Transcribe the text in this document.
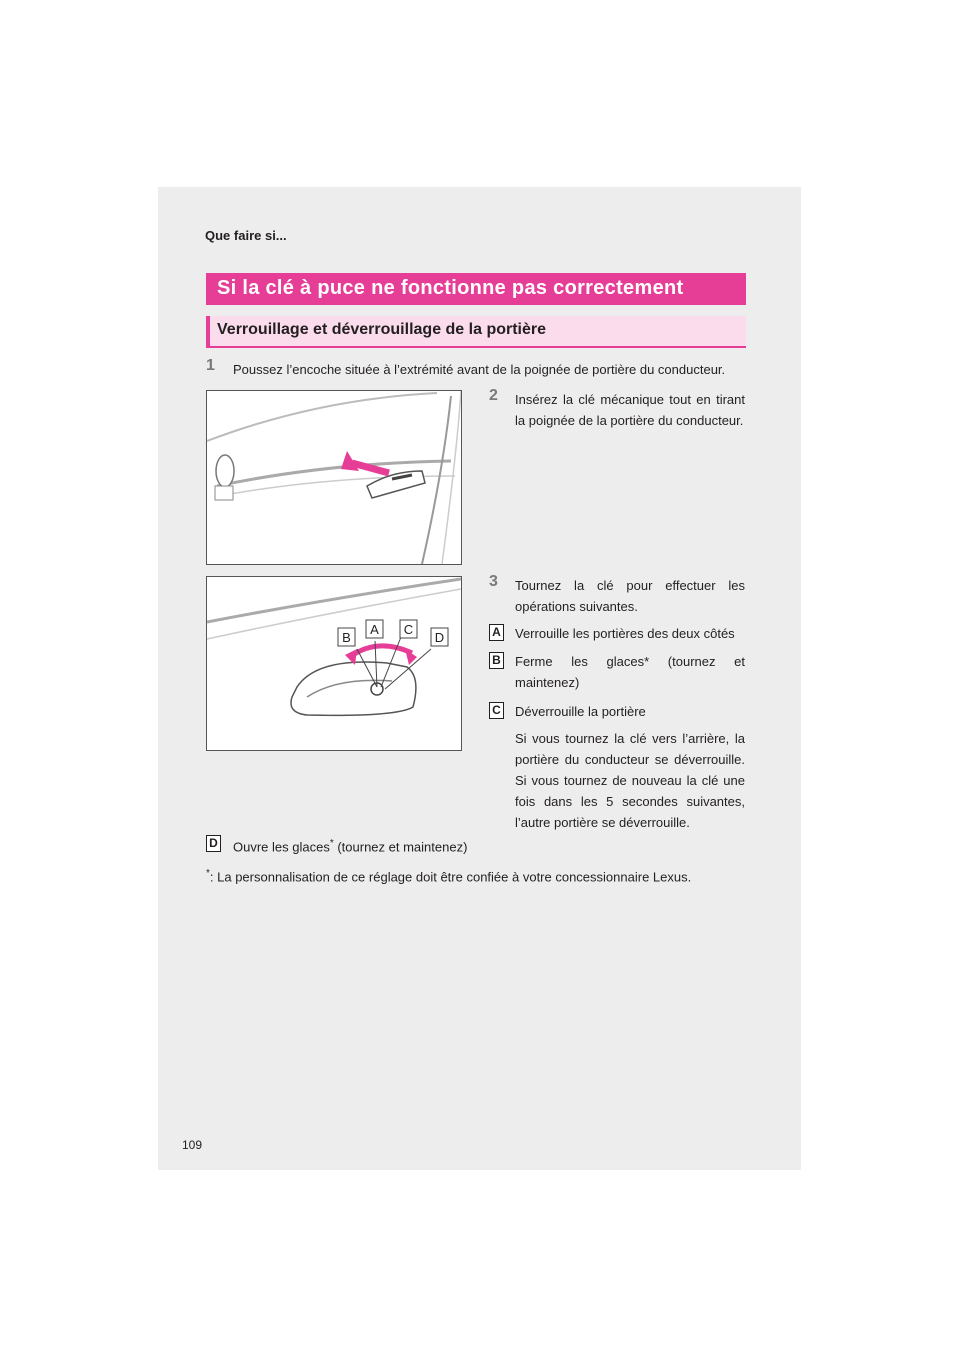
Que faire si...
Si la clé à puce ne fonctionne pas correctement
Verrouillage et déverrouillage de la portière
1 Poussez l’encoche située à l’extrémité avant de la poignée de portière du conducteur.
2 Insérez la clé mécanique tout en tirant la poignée de la portière du conducteur.
B
A C
D
3 Tournez la clé pour effectuer les opérations suivantes.
A Verrouille les portières des deux côtés
B Ferme les glaces* (tournez et maintenez)
C Déverrouille la portière
Si vous tournez la clé vers l’arrière, la portière du conducteur se déverrouille. Si vous tournez de nouveau la clé une fois dans les 5 secondes suivantes, l’autre portière se déverrouille.
D Ouvre les glaces* (tournez et maintenez)
*: La personnalisation de ce réglage doit être confiée à votre concessionnaire Lexus.
109
